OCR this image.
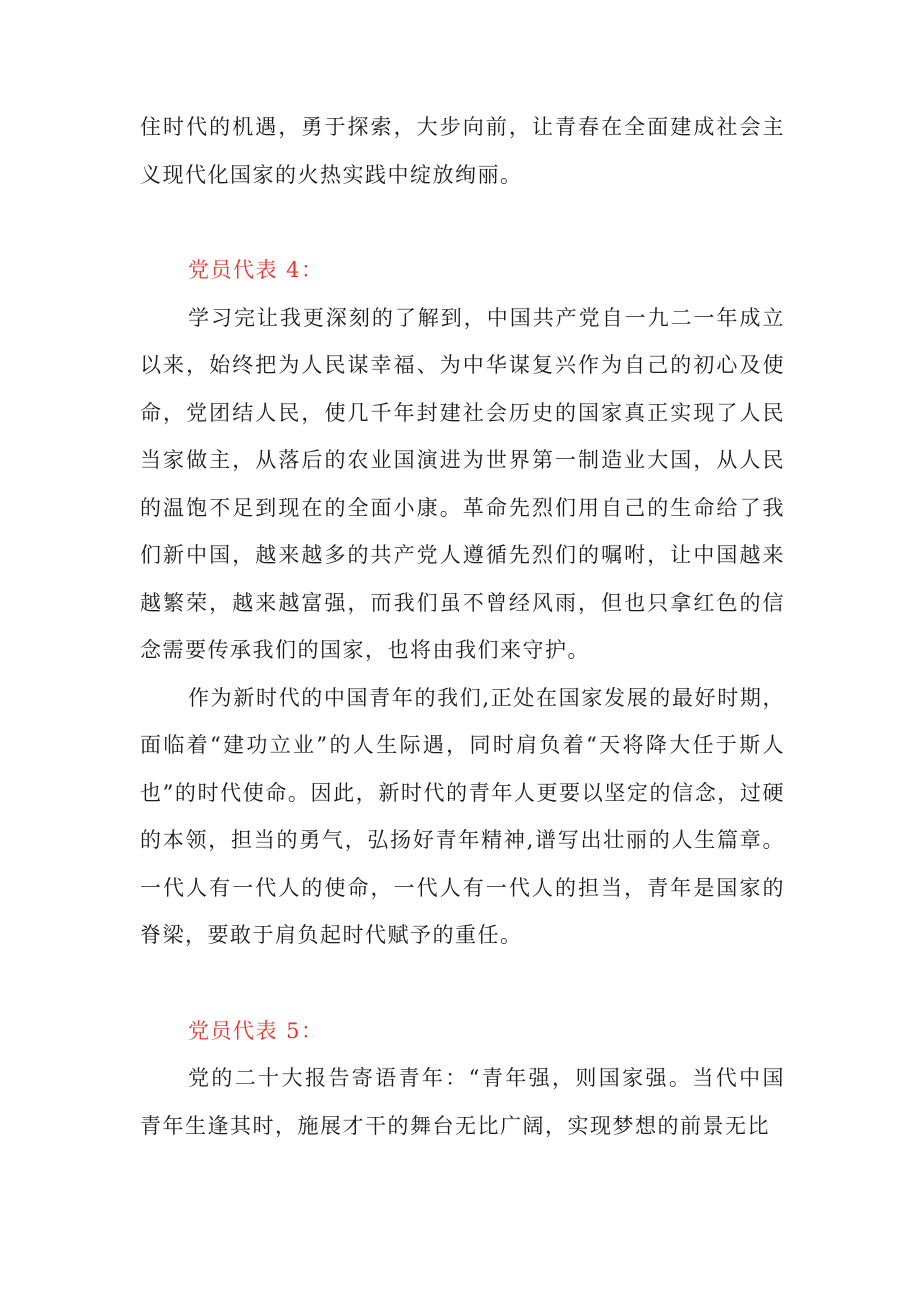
住时代的机遇，勇于探索，大步向前，让青春在全面建成社会主义现代化国家的火热实践中绽放绚丽。

党员代表 4：

学习完让我更深刻的了解到，中国共产党自一九二一年成立以来，始终把为人民谋幸福、为中华谋复兴作为自己的初心及使命，党团结人民，使几千年封建社会历史的国家真正实现了人民当家做主，从落后的农业国演进为世界第一制造业大国，从人民的温饱不足到现在的全面小康。革命先烈们用自己的生命给了我们新中国，越来越多的共产党人遵循先烈们的嘱咐，让中国越来越繁荣，越来越富强，而我们虽不曾经风雨，但也只拿红色的信念需要传承我们的国家，也将由我们来守护。

作为新时代的中国青年的我们,正处在国家发展的最好时期，面临着“建功立业”的人生际遇，同时肩负着“天将降大任于斯人也”的时代使命。因此，新时代的青年人更要以坚定的信念，过硬的本领，担当的勇气，弘扬好青年精神,谱写出壮丽的人生篇章。一代人有一代人的使命，一代人有一代人的担当，青年是国家的脊梁，要敢于肩负起时代赋予的重任。

党员代表 5：

党的二十大报告寄语青年：“青年强，则国家强。当代中国青年生逢其时，施展才干的舞台无比广阔，实现梦想的前景无比
